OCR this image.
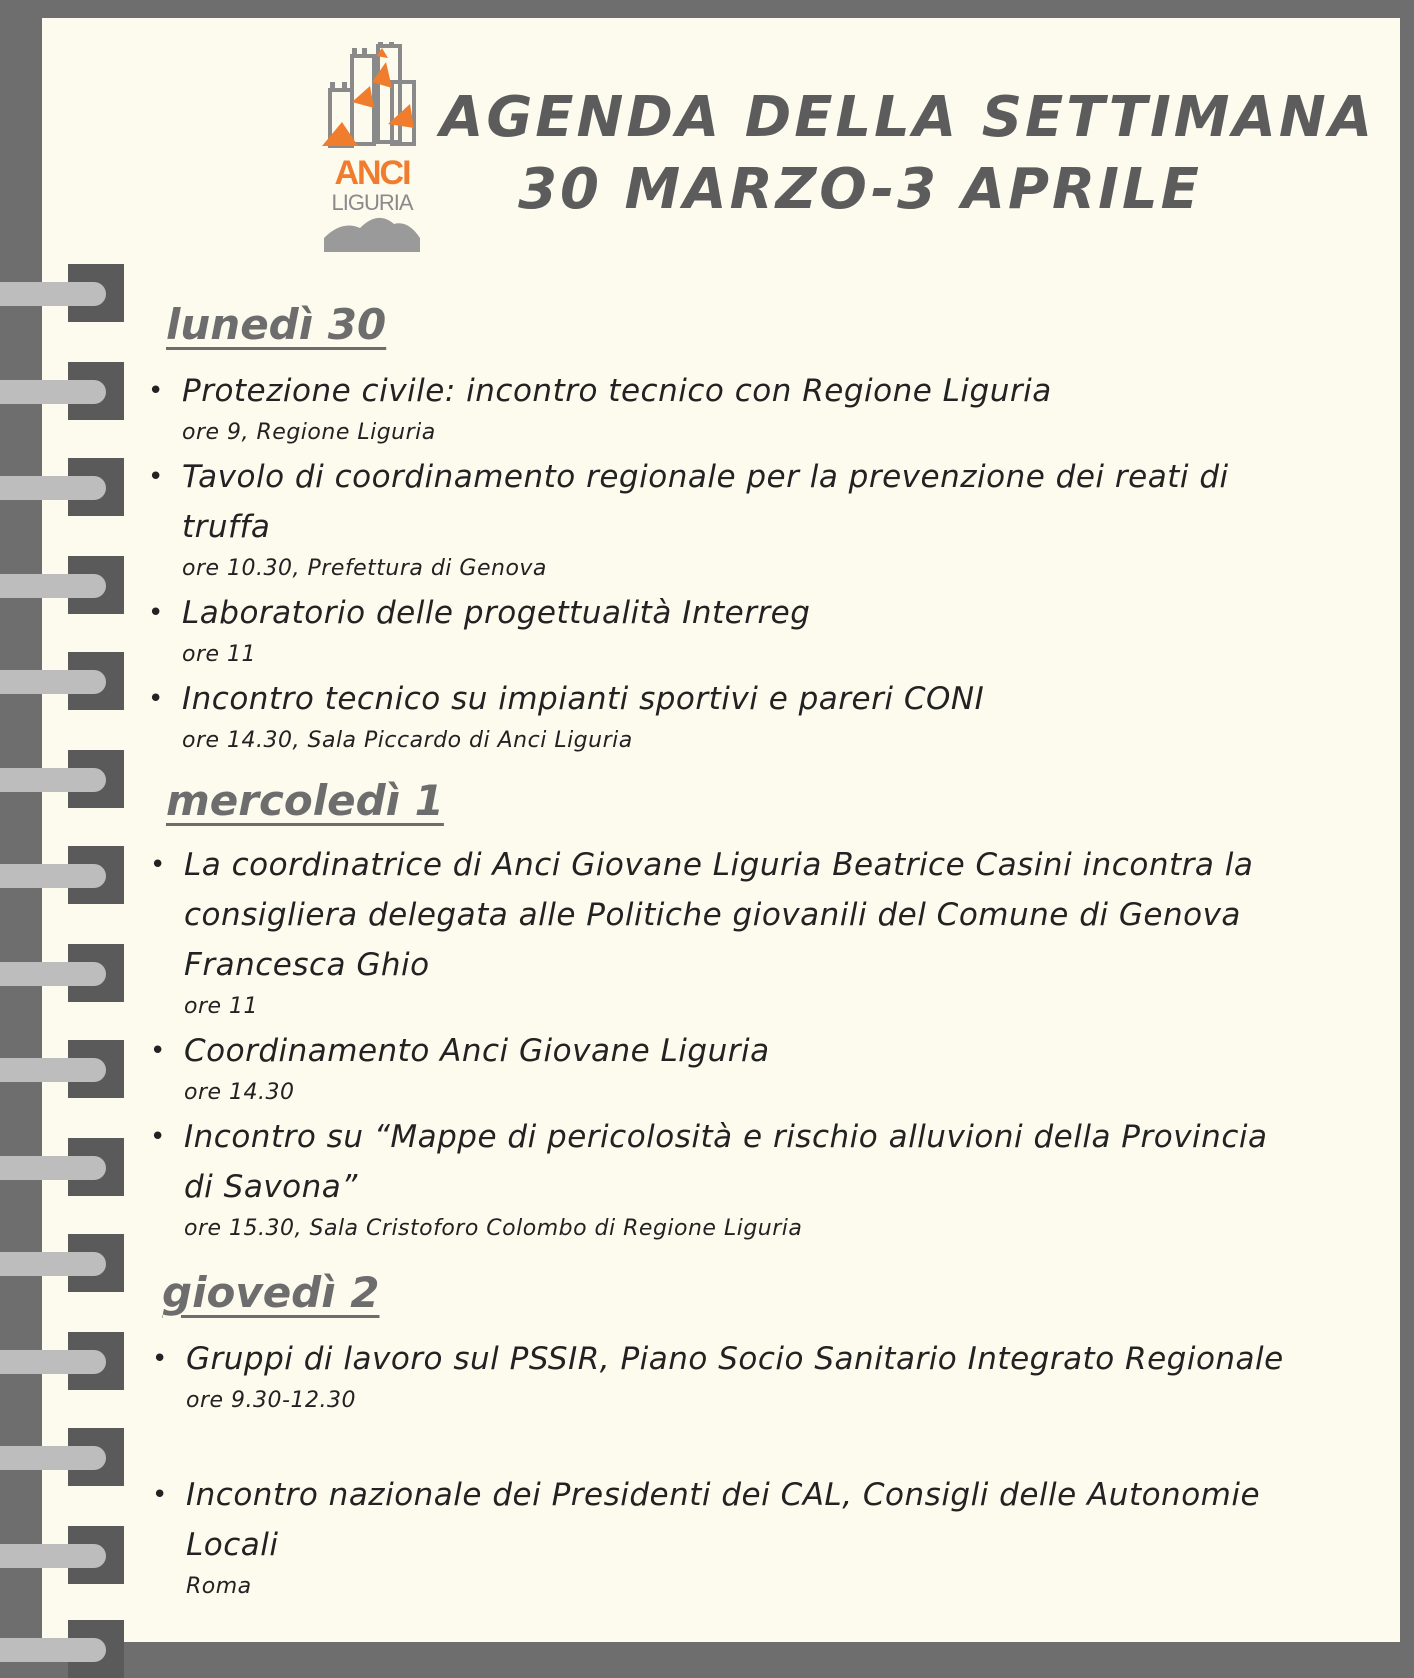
ANCI
LIGURIA
AGENDA DELLA SETTIMANA
30 MARZO-3 APRILE
lunedì 30
• Protezione civile: incontro tecnico con Regione Liguria
ore 9, Regione Liguria
• Tavolo di coordinamento regionale per la prevenzione dei reati di truffa
ore 10.30, Prefettura di Genova
• Laboratorio delle progettualità Interreg
ore 11
• Incontro tecnico su impianti sportivi e pareri CONI
ore 14.30, Sala Piccardo di Anci Liguria
mercoledì 1
• La coordinatrice di Anci Giovane Liguria Beatrice Casini incontra la consigliera delegata alle Politiche giovanili del Comune di Genova Francesca Ghio
ore 11
• Coordinamento Anci Giovane Liguria
ore 14.30
• Incontro su “Mappe di pericolosità e rischio alluvioni della Provincia di Savona”
ore 15.30, Sala Cristoforo Colombo di Regione Liguria
giovedì 2
• Gruppi di lavoro sul PSSIR, Piano Socio Sanitario Integrato Regionale
ore 9.30-12.30
• Incontro nazionale dei Presidenti dei CAL, Consigli delle Autonomie Locali
Roma
